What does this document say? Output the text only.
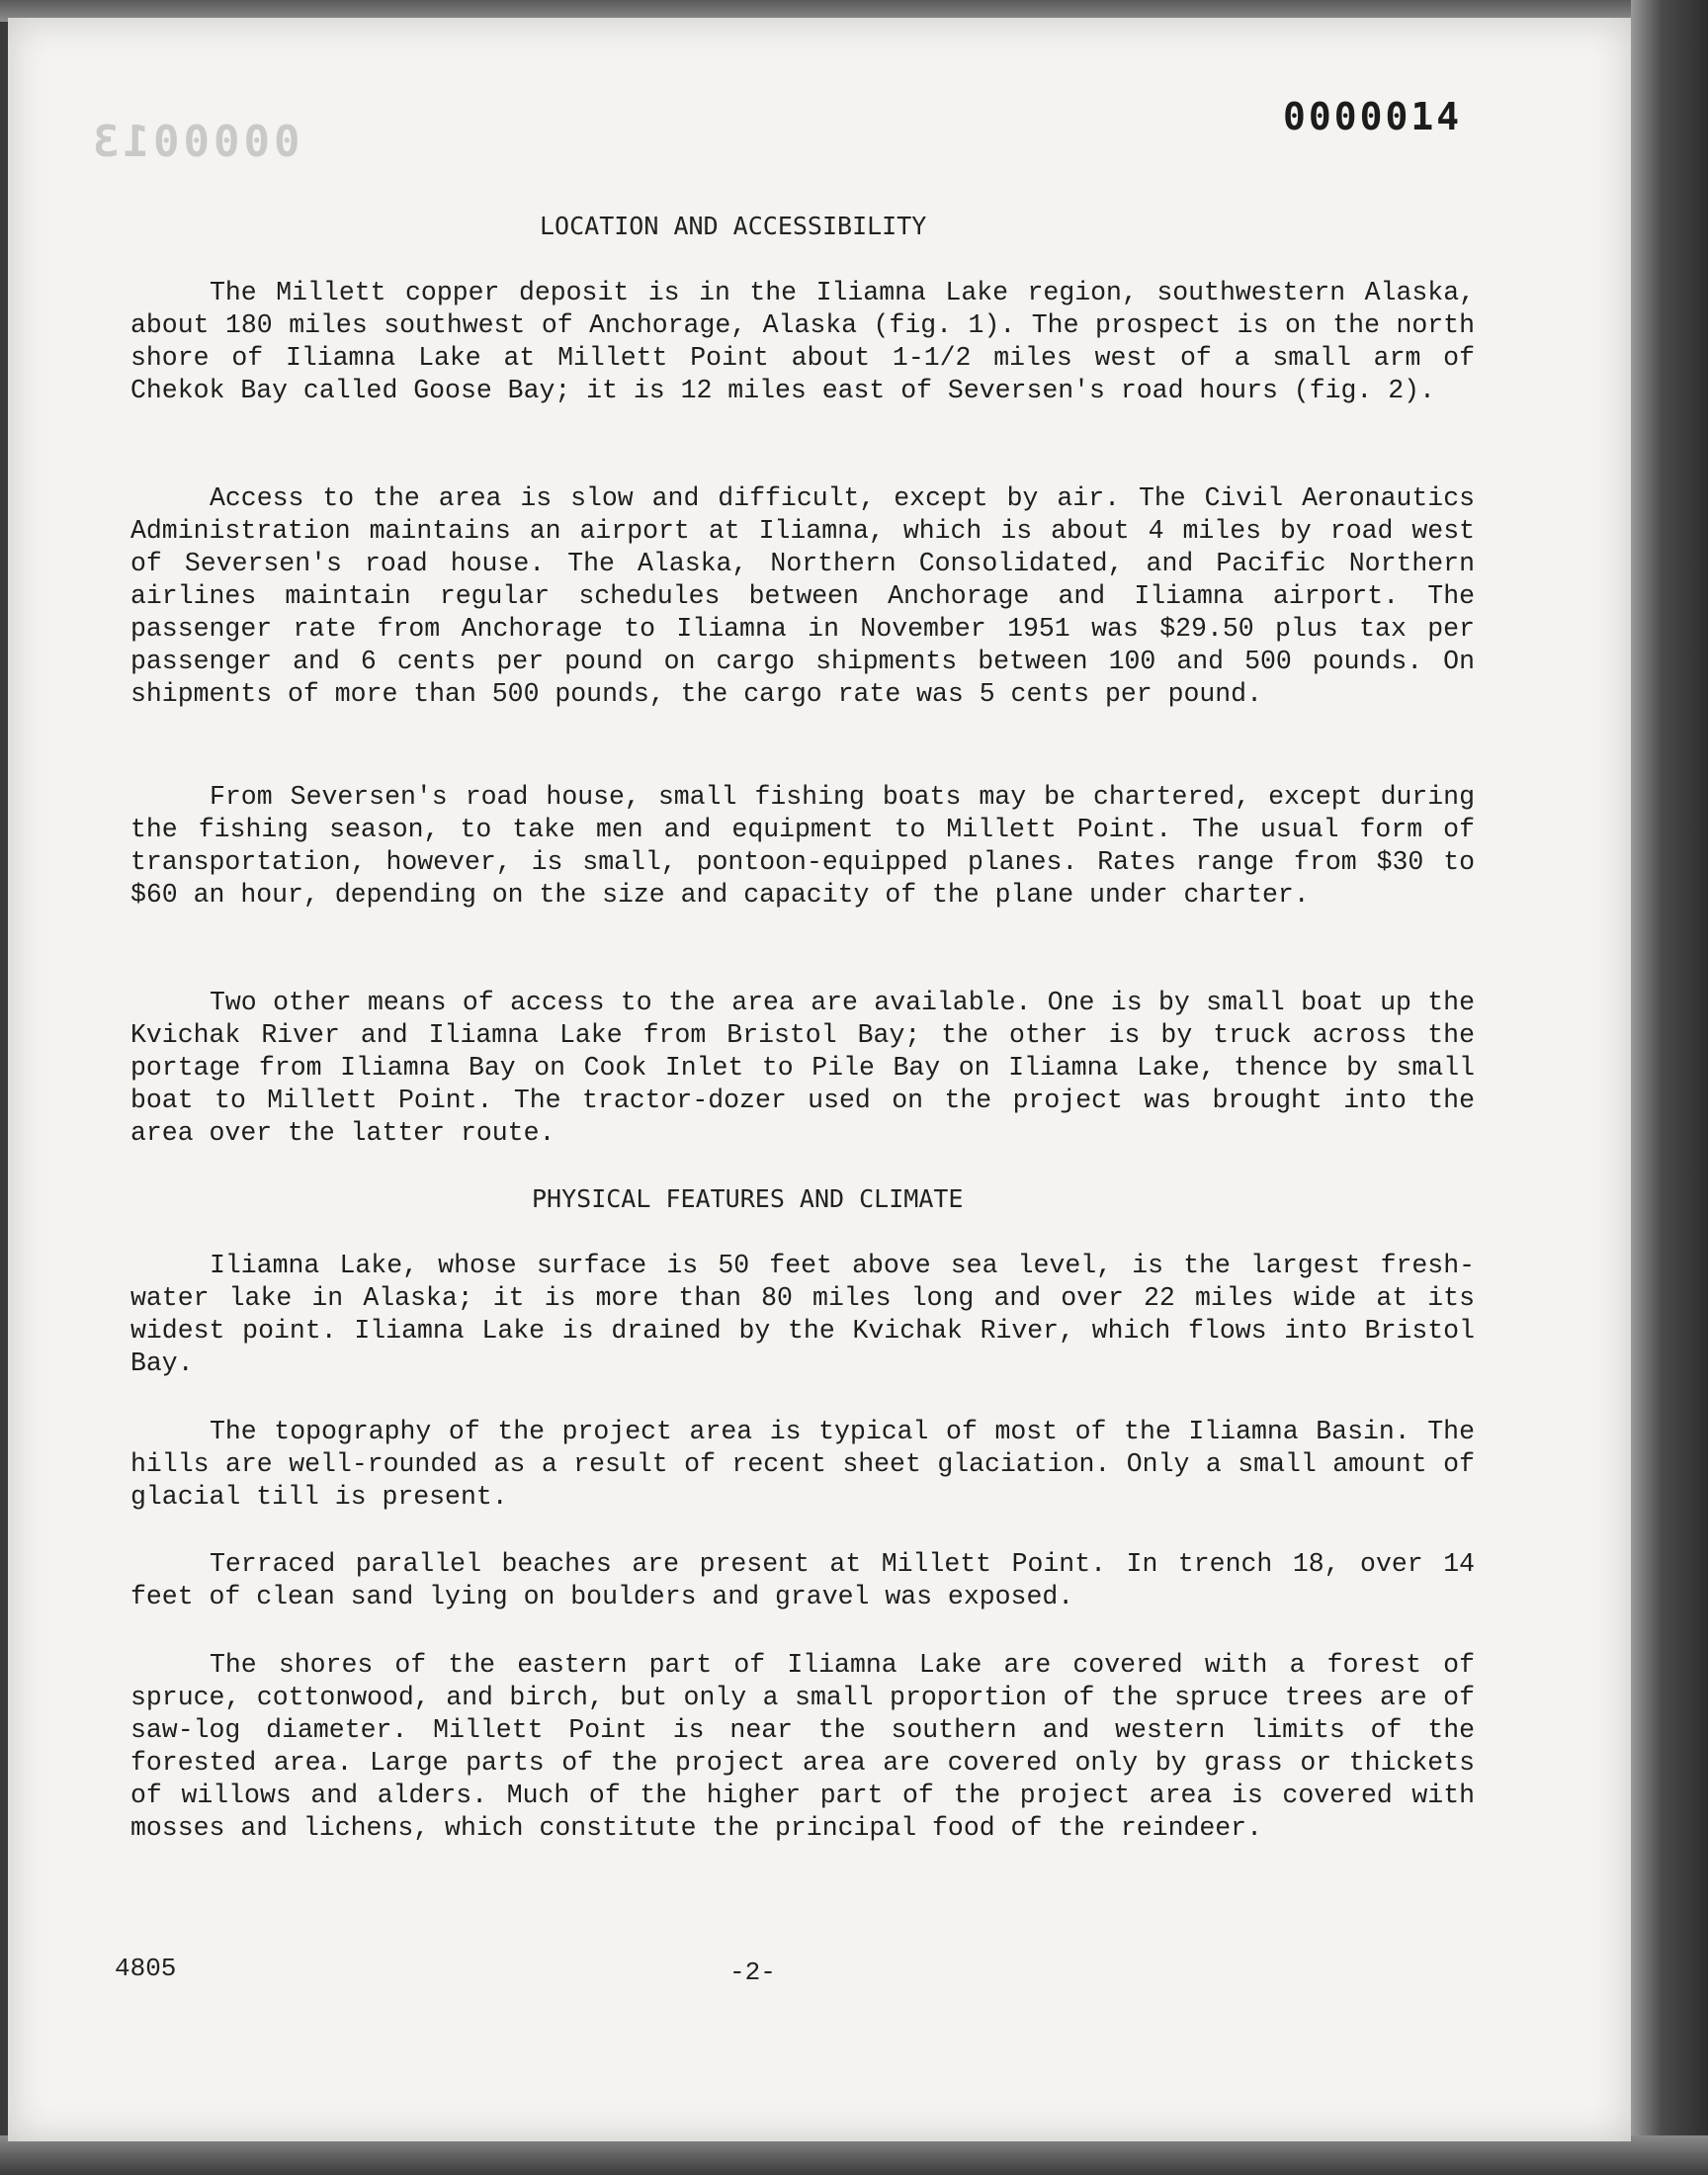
0000013	0000014
LOCATION AND ACCESSIBILITY

The Millett copper deposit is in the Iliamna Lake region, southwestern Alaska, about 180 miles southwest of Anchorage, Alaska (fig. 1). The prospect is on the north shore of Iliamna Lake at Millett Point about 1-1/2 miles west of a small arm of Chekok Bay called Goose Bay; it is 12 miles east of Seversen's road hours (fig. 2).

Access to the area is slow and difficult, except by air. The Civil Aeronautics Administration maintains an airport at Iliamna, which is about 4 miles by road west of Seversen's road house. The Alaska, Northern Consolidated, and Pacific Northern airlines maintain regular schedules between Anchorage and Iliamna airport. The passenger rate from Anchorage to Iliamna in November 1951 was $29.50 plus tax per passenger and 6 cents per pound on cargo shipments between 100 and 500 pounds. On shipments of more than 500 pounds, the cargo rate was 5 cents per pound.

From Seversen's road house, small fishing boats may be chartered, except during the fishing season, to take men and equipment to Millett Point. The usual form of transportation, however, is small, pontoon-equipped planes. Rates range from $30 to $60 an hour, depending on the size and capacity of the plane under charter.

Two other means of access to the area are available. One is by small boat up the Kvichak River and Iliamna Lake from Bristol Bay; the other is by truck across the portage from Iliamna Bay on Cook Inlet to Pile Bay on Iliamna Lake, thence by small boat to Millett Point. The tractor-dozer used on the project was brought into the area over the latter route.

PHYSICAL FEATURES AND CLIMATE

Iliamna Lake, whose surface is 50 feet above sea level, is the largest fresh-water lake in Alaska; it is more than 80 miles long and over 22 miles wide at its widest point. Iliamna Lake is drained by the Kvichak River, which flows into Bristol Bay.

The topography of the project area is typical of most of the Iliamna Basin. The hills are well-rounded as a result of recent sheet glaciation. Only a small amount of glacial till is present.

Terraced parallel beaches are present at Millett Point. In trench 18, over 14 feet of clean sand lying on boulders and gravel was exposed.

The shores of the eastern part of Iliamna Lake are covered with a forest of spruce, cottonwood, and birch, but only a small proportion of the spruce trees are of saw-log diameter. Millett Point is near the southern and western limits of the forested area. Large parts of the project area are covered only by grass or thickets of willows and alders. Much of the higher part of the project area is covered with mosses and lichens, which constitute the principal food of the reindeer.

4805	-2-
